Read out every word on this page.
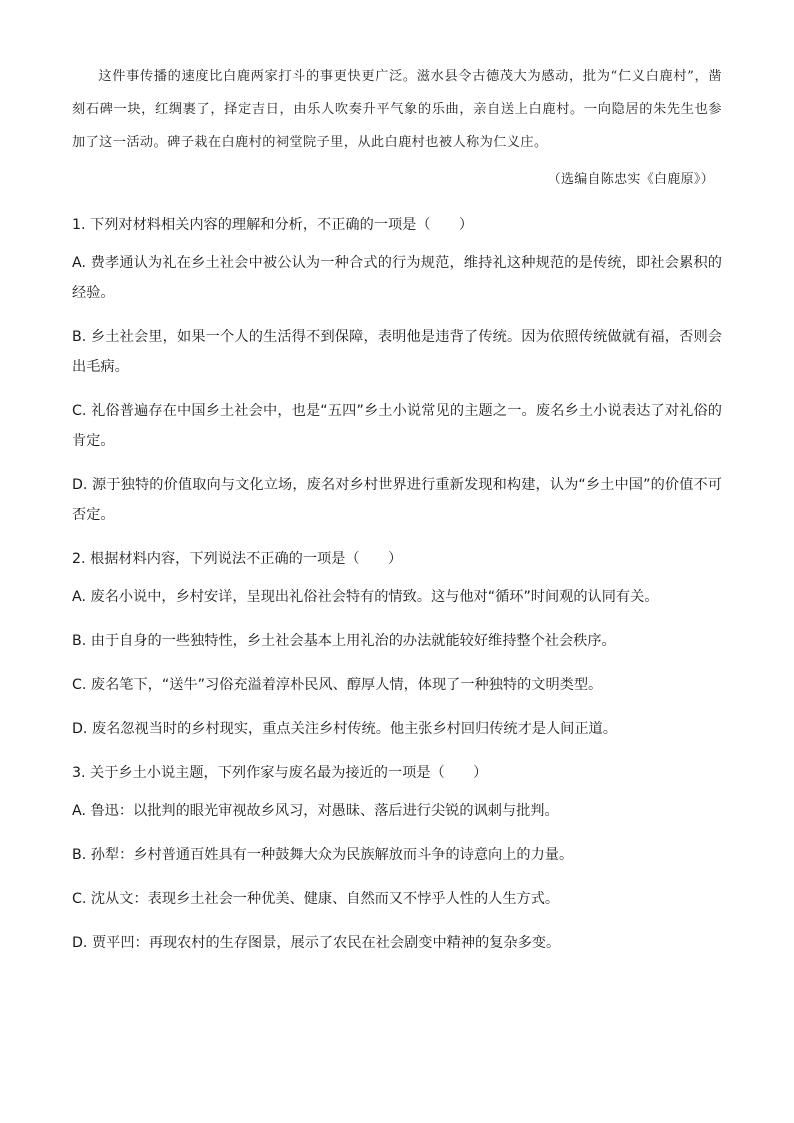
这件事传播的速度比白鹿两家打斗的事更快更广泛。滋水县令古德茂大为感动，批为“仁义白鹿村”，凿刻石碑一块，红绸裹了，择定吉日，由乐人吹奏升平气象的乐曲，亲自送上白鹿村。一向隐居的朱先生也参加了这一活动。碑子栽在白鹿村的祠堂院子里，从此白鹿村也被人称为仁义庄。

（选编自陈忠实《白鹿原》）

1. 下列对材料相关内容的理解和分析，不正确的一项是（　　）

A. 费孝通认为礼在乡土社会中被公认为一种合式的行为规范，维持礼这种规范的是传统，即社会累积的经验。

B. 乡土社会里，如果一个人的生活得不到保障，表明他是违背了传统。因为依照传统做就有福，否则会出毛病。

C. 礼俗普遍存在中国乡土社会中，也是“五四”乡土小说常见的主题之一。废名乡土小说表达了对礼俗的肯定。

D. 源于独特的价值取向与文化立场，废名对乡村世界进行重新发现和构建，认为“乡土中国”的价值不可否定。

2. 根据材料内容，下列说法不正确的一项是（　　）

A. 废名小说中，乡村安详，呈现出礼俗社会特有的情致。这与他对“循环”时间观的认同有关。

B. 由于自身的一些独特性，乡土社会基本上用礼治的办法就能较好维持整个社会秩序。

C. 废名笔下，“送牛”习俗充溢着淳朴民风、醇厚人情，体现了一种独特的文明类型。

D. 废名忽视当时的乡村现实，重点关注乡村传统。他主张乡村回归传统才是人间正道。

3. 关于乡土小说主题，下列作家与废名最为接近的一项是（　　）

A. 鲁迅：以批判的眼光审视故乡风习，对愚昧、落后进行尖锐的讽刺与批判。

B. 孙犁：乡村普通百姓具有一种鼓舞大众为民族解放而斗争的诗意向上的力量。

C. 沈从文：表现乡土社会一种优美、健康、自然而又不悖乎人性的人生方式。

D. 贾平凹：再现农村的生存图景，展示了农民在社会剧变中精神的复杂多变。
